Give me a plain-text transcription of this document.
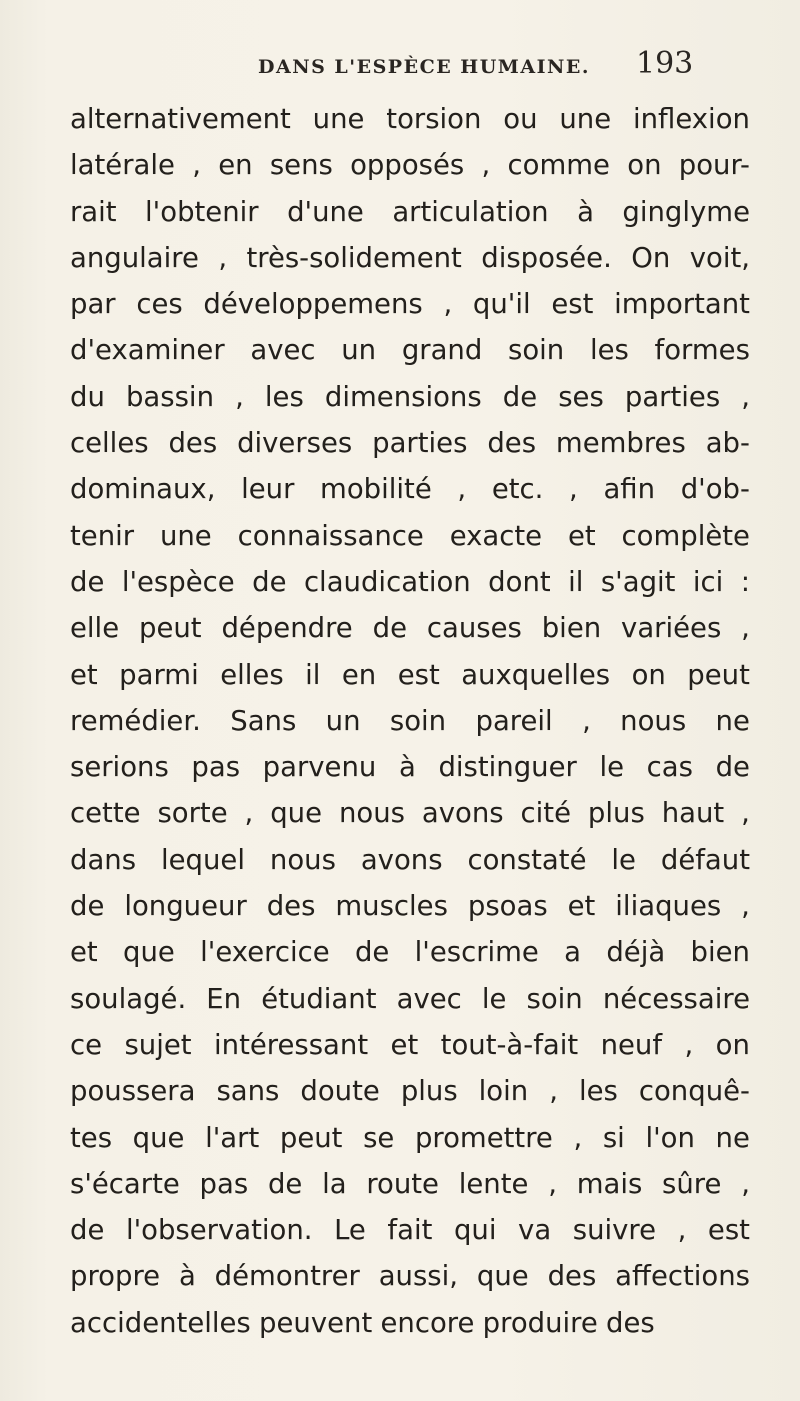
DANS L'ESPÈCE HUMAINE. 193
alternativement une torsion ou une inflexion
latérale , en sens opposés , comme on pour-
rait l'obtenir d'une articulation à ginglyme
angulaire , très-solidement disposée. On voit,
par ces développemens , qu'il est important
d'examiner avec un grand soin les formes
du bassin , les dimensions de ses parties ,
celles des diverses parties des membres ab-
dominaux, leur mobilité , etc. , afin d'ob-
tenir une connaissance exacte et complète
de l'espèce de claudication dont il s'agit ici :
elle peut dépendre de causes bien variées ,
et parmi elles il en est auxquelles on peut
remédier. Sans un soin pareil , nous ne
serions pas parvenu à distinguer le cas de
cette sorte , que nous avons cité plus haut ,
dans lequel nous avons constaté le défaut
de longueur des muscles psoas et iliaques ,
et que l'exercice de l'escrime a déjà bien
soulagé. En étudiant avec le soin nécessaire
ce sujet intéressant et tout-à-fait neuf , on
poussera sans doute plus loin , les conquê-
tes que l'art peut se promettre , si l'on ne
s'écarte pas de la route lente , mais sûre ,
de l'observation. Le fait qui va suivre , est
propre à démontrer aussi, que des affections
accidentelles peuvent encore produire des
